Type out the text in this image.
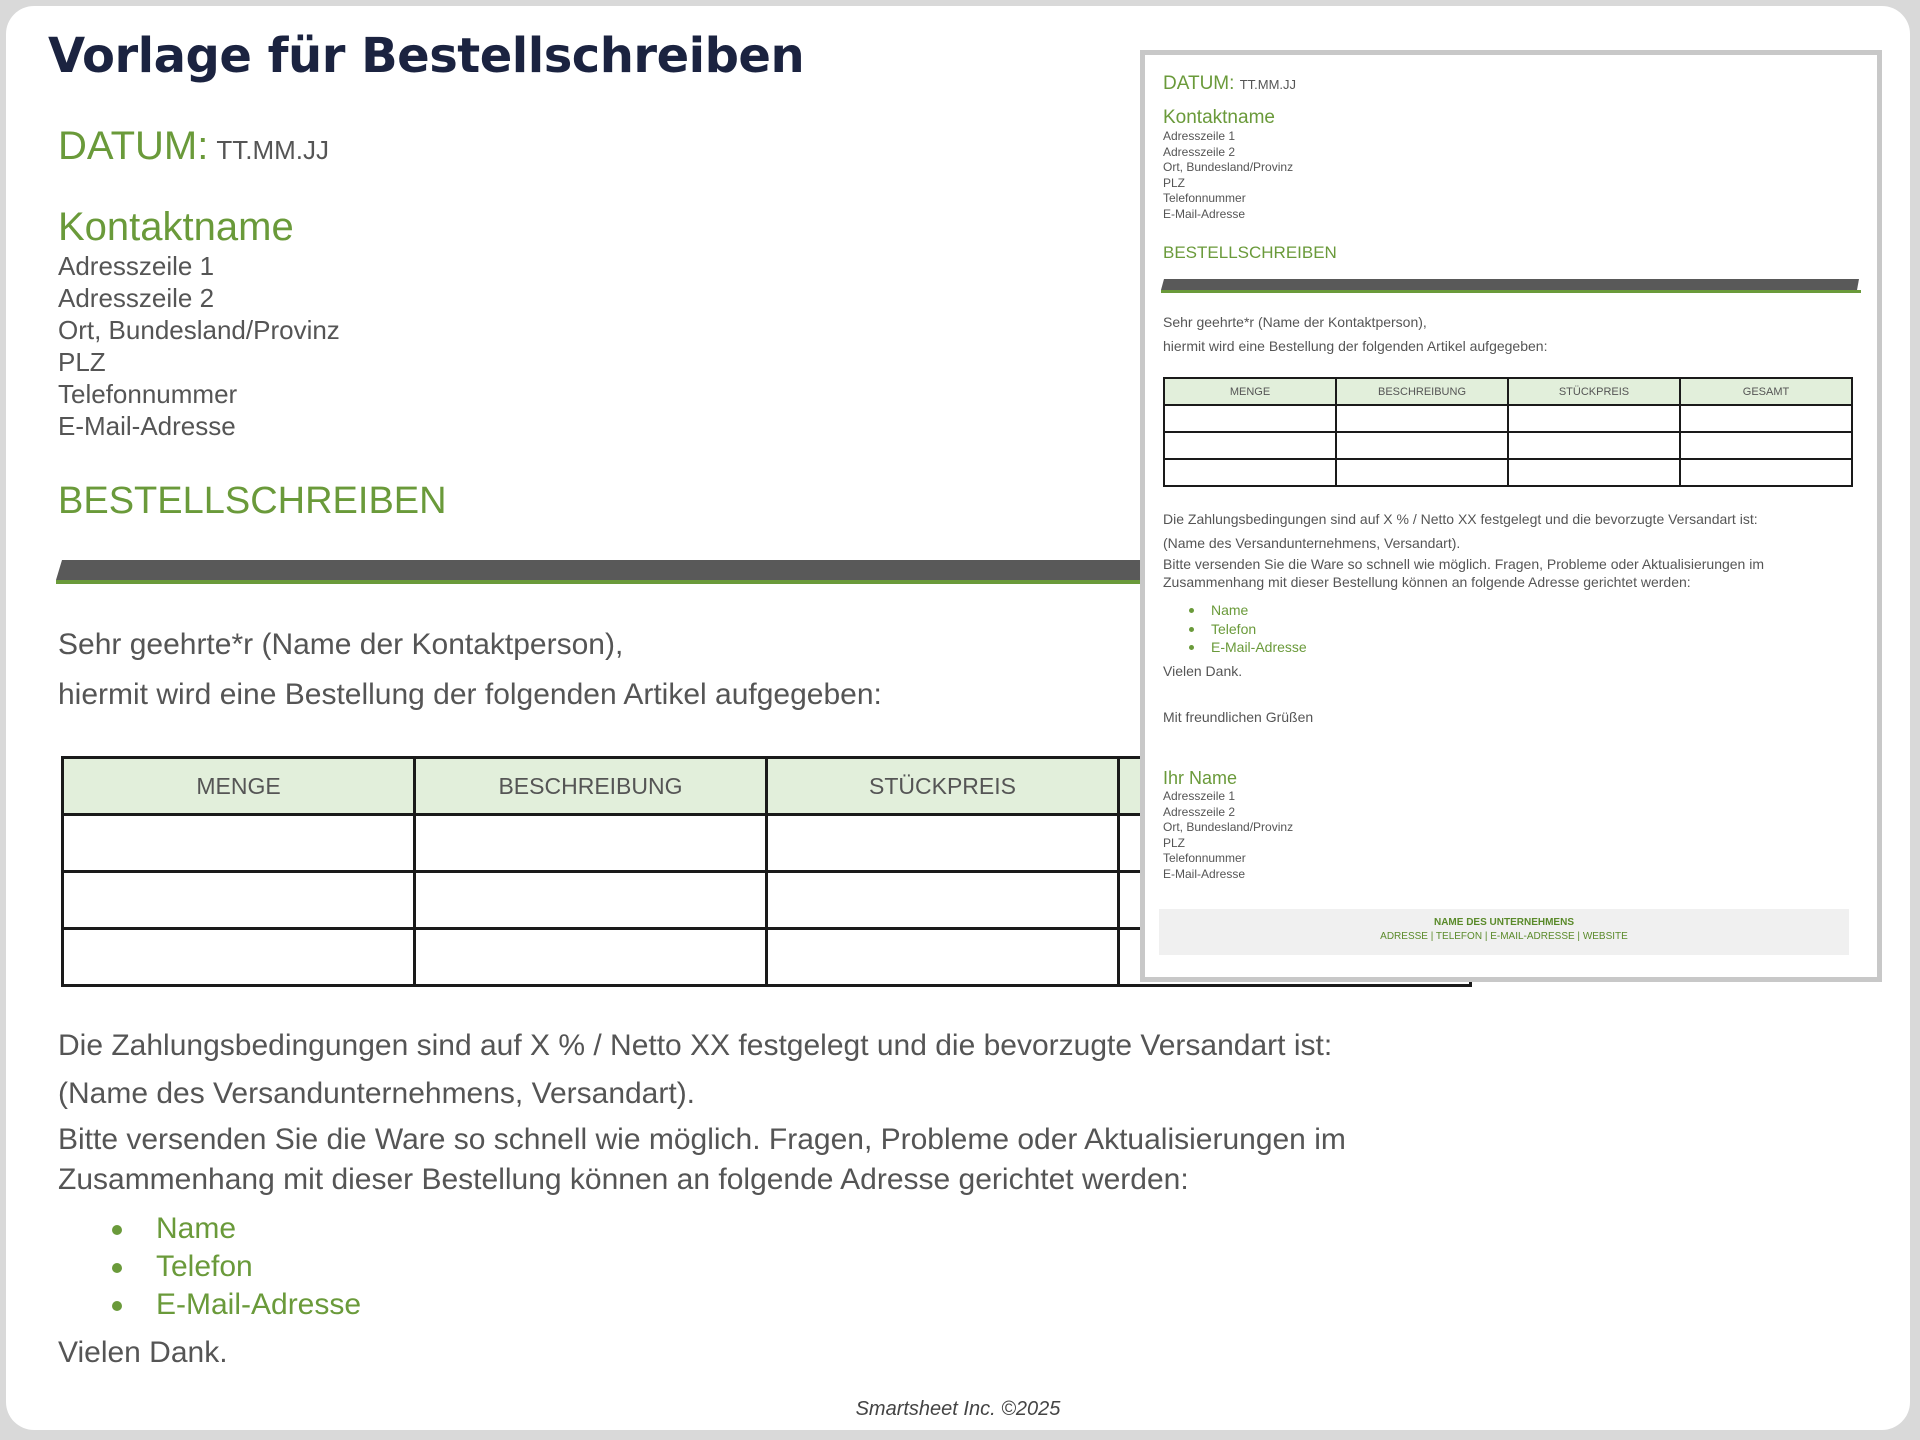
Vorlage für Bestellschreiben
DATUM: TT.MM.JJ
Kontaktname
Adresszeile 1
Adresszeile 2
Ort, Bundesland/Provinz
PLZ
Telefonnummer
E-Mail-Adresse
BESTELLSCHREIBEN
Sehr geehrte*r (Name der Kontaktperson),
hiermit wird eine Bestellung der folgenden Artikel aufgegeben:
MENGE	BESCHREIBUNG	STÜCKPREIS	

Die Zahlungsbedingungen sind auf X % / Netto XX festgelegt und die bevorzugte Versandart ist:

(Name des Versandunternehmens, Versandart).

Bitte versenden Sie die Ware so schnell wie möglich. Fragen, Probleme oder Aktualisierungen im Zusammenhang mit dieser Bestellung können an folgende Adresse gerichtet werden:

Name
Telefon
E-Mail-Adresse
Vielen Dank.
Smartsheet Inc. ©2025
DATUM: TT.MM.JJ
Kontaktname
Adresszeile 1
Adresszeile 2
Ort, Bundesland/Provinz
PLZ
Telefonnummer
E-Mail-Adresse
BESTELLSCHREIBEN
Sehr geehrte*r (Name der Kontaktperson),
hiermit wird eine Bestellung der folgenden Artikel aufgegeben:
MENGE	BESCHREIBUNG	STÜCKPREIS	GESAMT

Die Zahlungsbedingungen sind auf X % / Netto XX festgelegt und die bevorzugte Versandart ist:

(Name des Versandunternehmens, Versandart).

Bitte versenden Sie die Ware so schnell wie möglich. Fragen, Probleme oder Aktualisierungen im Zusammenhang mit dieser Bestellung können an folgende Adresse gerichtet werden:

Name
Telefon
E-Mail-Adresse
Vielen Dank.
Mit freundlichen Grüßen
Ihr Name
Adresszeile 1
Adresszeile 2
Ort, Bundesland/Provinz
PLZ
Telefonnummer
E-Mail-Adresse
NAME DES UNTERNEHMENS
ADRESSE | TELEFON | E-MAIL-ADRESSE | WEBSITE
